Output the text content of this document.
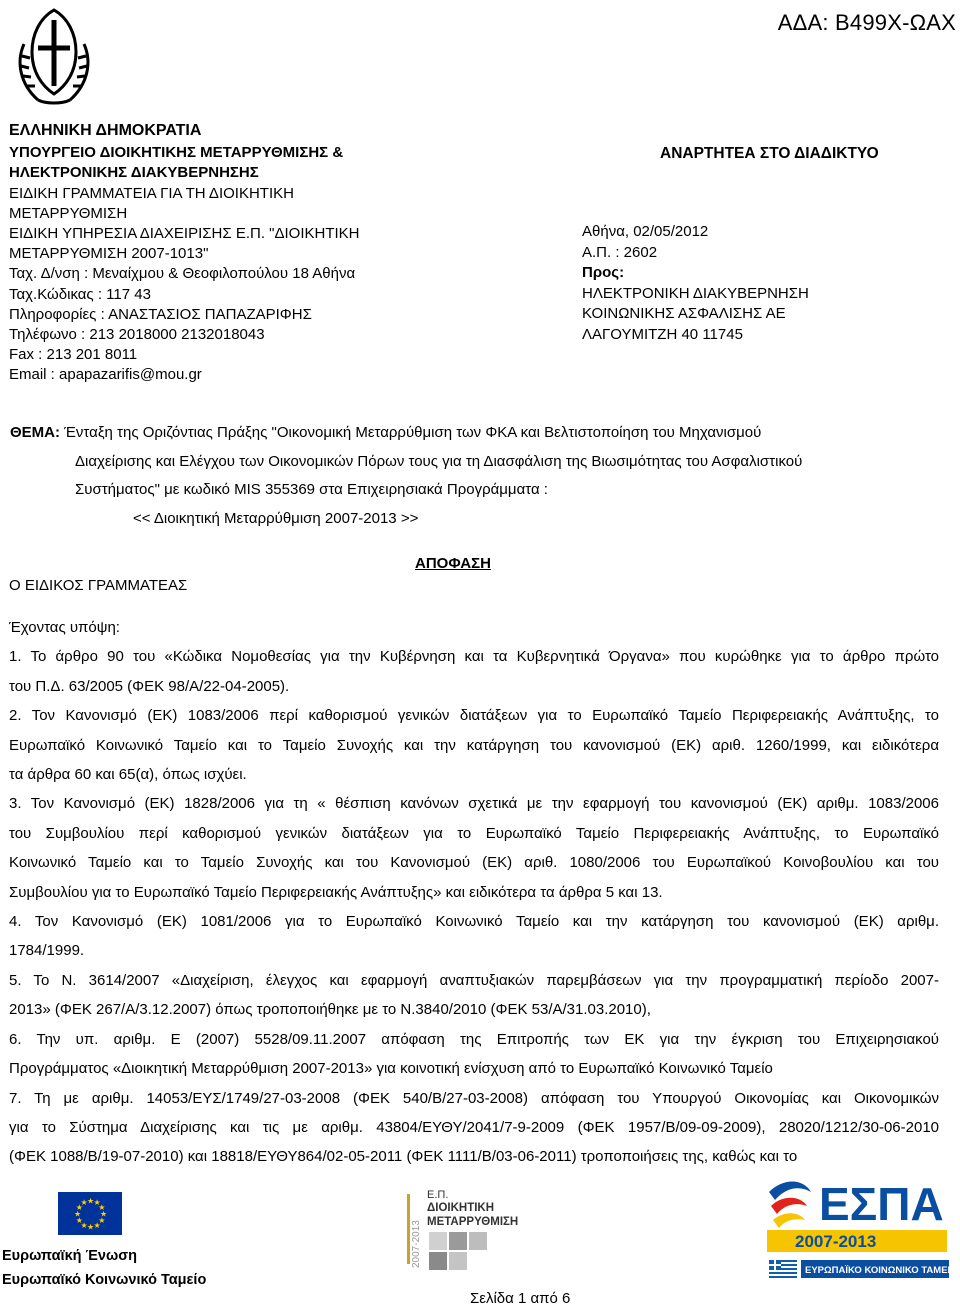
ΑΔΑ: Β499Χ-ΩΑΧ
ΕΛΛΗΝΙΚΗ ΔΗΜΟΚΡΑΤΙΑ
ΥΠΟΥΡΓΕΙΟ ΔΙΟΙΚΗΤΙΚΗΣ ΜΕΤΑΡΡΥΘΜΙΣΗΣ &
ΗΛΕΚΤΡΟΝΙΚΗΣ ΔΙΑΚΥΒΕΡΝΗΣΗΣ
ΕΙΔΙΚΗ ΓΡΑΜΜΑΤΕΙΑ ΓΙΑ ΤΗ ΔΙΟΙΚΗΤΙΚΗ
ΜΕΤΑΡΡΥΘΜΙΣΗ
ΕΙΔΙΚΗ ΥΠΗΡΕΣΙΑ ΔΙΑΧΕΙΡΙΣΗΣ Ε.Π. "ΔΙΟΙΚΗΤΙΚΗ
ΜΕΤΑΡΡΥΘΜΙΣΗ 2007-1013"
Ταχ. Δ/νση : Μεναίχμου & Θεοφιλοπούλου 18 Αθήνα
Ταχ.Κώδικας : 117 43
Πληροφορίες : ΑΝΑΣΤΑΣΙΟΣ ΠΑΠΑΖΑΡΙΦΗΣ
Τηλέφωνο : 213 2018000 2132018043
Fax : 213 201 8011
Email : apapazarifis@mou.gr
ΑΝΑΡΤΗΤΕΑ ΣΤΟ ΔΙΑΔΙΚΤΥΟ
Αθήνα, 02/05/2012
Α.Π. : 2602
Προς:
ΗΛΕΚΤΡΟΝΙΚΗ ΔΙΑΚΥΒΕΡΝΗΣΗ
ΚΟΙΝΩΝΙΚΗΣ ΑΣΦΑΛΙΣΗΣ ΑΕ
ΛΑΓΟΥΜΙΤΖΗ 40 11745
ΘΕΜΑ: Ένταξη της Οριζόντιας Πράξης "Οικονομική Μεταρρύθμιση των ΦΚΑ και Βελτιστοποίηση του Μηχανισμού
Διαχείρισης και Ελέγχου των Οικονομικών Πόρων τους για τη Διασφάλιση της Βιωσιμότητας του Ασφαλιστικού
Συστήματος" με κωδικό MIS 355369 στα Επιχειρησιακά Προγράμματα :
<< Διοικητική Μεταρρύθμιση 2007-2013 >>
ΑΠΟΦΑΣΗ
Ο ΕΙΔΙΚΟΣ ΓΡΑΜΜΑΤΕΑΣ

Έχοντας υπόψη:

1. Το άρθρο 90 του «Κώδικα Νομοθεσίας για την Κυβέρνηση και τα Κυβερνητικά Όργανα» που κυρώθηκε για το άρθρο πρώτο
του Π.Δ. 63/2005 (ΦΕΚ 98/Α/22-04-2005).

2. Τον Κανονισμό (ΕΚ) 1083/2006 περί καθορισμού γενικών διατάξεων για το Ευρωπαϊκό Ταμείο Περιφερειακής Ανάπτυξης, το
Ευρωπαϊκό Κοινωνικό Ταμείο και το Ταμείο Συνοχής και την κατάργηση του κανονισμού (ΕΚ) αριθ. 1260/1999, και ειδικότερα
τα άρθρα 60 και 65(α), όπως ισχύει.

3. Τον Κανονισμό (ΕΚ) 1828/2006 για τη « θέσπιση κανόνων σχετικά με την εφαρμογή του κανονισμού (ΕΚ) αριθμ. 1083/2006
του Συμβουλίου περί καθορισμού γενικών διατάξεων για το Ευρωπαϊκό Ταμείο Περιφερειακής Ανάπτυξης, το Ευρωπαϊκό
Κοινωνικό Ταμείο και το Ταμείο Συνοχής και του Κανονισμού (ΕΚ) αριθ. 1080/2006 του Ευρωπαϊκού Κοινοβουλίου και του
Συμβουλίου για το Ευρωπαϊκό Ταμείο Περιφερειακής Ανάπτυξης» και ειδικότερα τα άρθρα 5 και 13.

4. Τον Κανονισμό (ΕΚ) 1081/2006 για το Ευρωπαϊκό Κοινωνικό Ταμείο και την κατάργηση του κανονισμού (ΕΚ) αριθμ.
1784/1999.

5. Το Ν. 3614/2007 «Διαχείριση, έλεγχος και εφαρμογή αναπτυξιακών παρεμβάσεων για την προγραμματική περίοδο 2007-
2013» (ΦΕΚ 267/Α/3.12.2007) όπως τροποποιήθηκε με το Ν.3840/2010 (ΦΕΚ 53/Α/31.03.2010),

6. Την υπ. αριθμ. Ε (2007) 5528/09.11.2007 απόφαση της Επιτροπής των ΕΚ για την έγκριση του Επιχειρησιακού
Προγράμματος «Διοικητική Μεταρρύθμιση 2007-2013» για κοινοτική ενίσχυση από το Ευρωπαϊκό Κοινωνικό Ταμείο

7. Τη με αριθμ. 14053/ΕΥΣ/1749/27-03-2008 (ΦΕΚ 540/Β/27-03-2008) απόφαση του Υπουργού Οικονομίας και Οικονομικών
για το Σύστημα Διαχείρισης και τις με αριθμ. 43804/ΕΥΘΥ/2041/7-9-2009 (ΦΕΚ 1957/Β/09-09-2009), 28020/1212/30-06-2010
(ΦΕΚ 1088/Β/19-07-2010) και 18818/ΕΥΘΥ864/02-05-2011 (ΦΕΚ 1111/Β/03-06-2011) τροποποιήσεις της, καθώς και το

★
★
★
★
★
★
★
★
★ ★ ★
★
Ευρωπαϊκή Ένωση
Ευρωπαϊκό Κοινωνικό Ταμείο
2007-2013
Ε.Π.
ΔΙΟΙΚΗΤΙΚΗ
ΜΕΤΑΡΡΥΘΜΙΣΗ
Σελίδα 1 από 6
ΕΣΠΑ
2007-2013
ΕΥΡΩΠΑΪΚΟ ΚΟΙΝΩΝΙΚΟ ΤΑΜΕΙΟ
